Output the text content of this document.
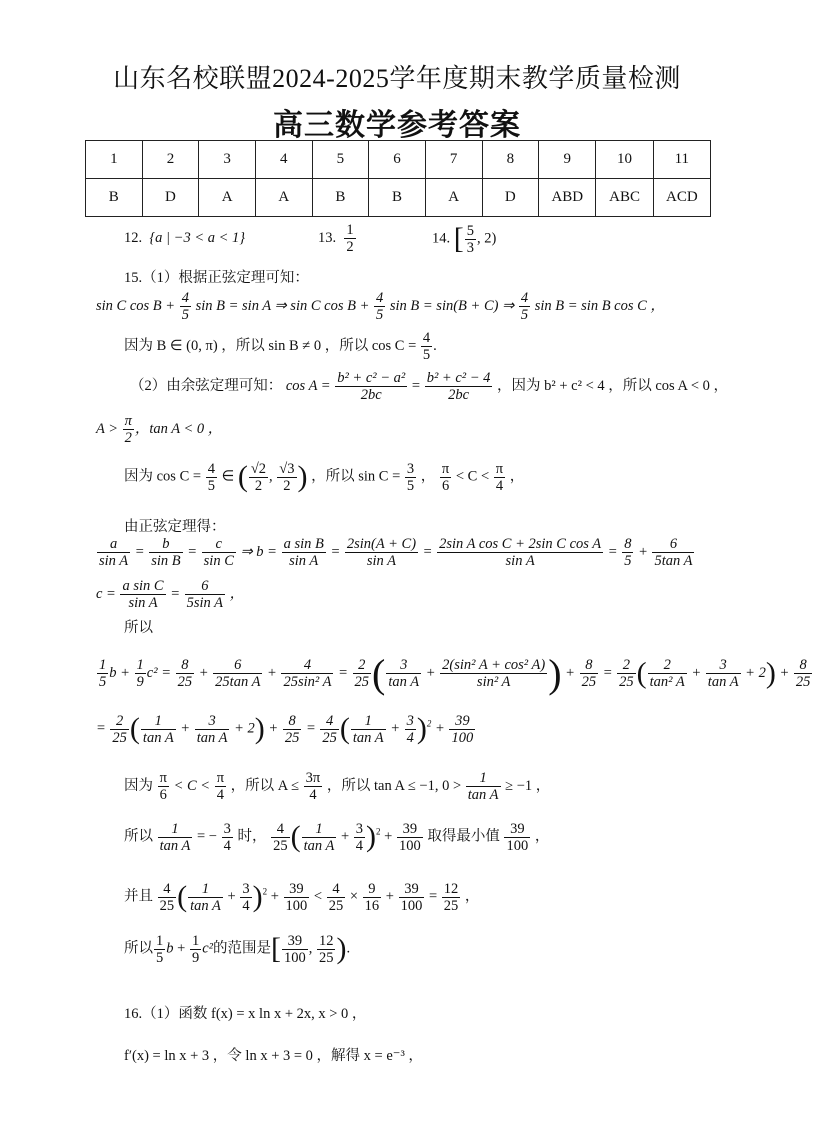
山东名校联盟2024-2025学年度期末教学质量检测
高三数学参考答案
1	2	3	4	5	6	7	8	9	10	11
B	D	A	A	B	B	A	D	ABD	ABC	ACD
12. {a | −3 < a < 1}	13. $\frac{1}{2}$	14. [ $\frac{5}{3}$ , 2)
15.（1）根据正弦定理可知：
sin C $\cos B + \frac{4}{5}$ sin B = sin A ⇒ sin C $\cos B + \frac{4}{5}$ sin B = sin(B + C) ⇒ $\frac{4}{5}$ sin B = sin B cos C ，
因为 B ∈ (0, π) ，所以 sin B ≠ 0 ，所以 $\cos C = \frac{4}{5}$ .
（2）由余弦定理可知： $\cos A = \frac{\text{b² + c² − a²}}{2bc} = \frac{\text{b² + c² − 4}}{2bc}$ ，因为 b² + c² < 4 ，所以 cos A < 0 ，
$A > \frac{\pi}{2}$ ，tan A < 0 ，
因为 $\cos C = \frac{4}{5}$ ∈ ( $\frac{√2}{2}$ , $\frac{√3}{2}$ ) ，所以 $\sin C = \frac{3}{5}$ ， $\frac{\pi}{6} < C < \frac{\pi}{4}$ ，
由正弦定理得：
$\frac{a}{\text{sin A}} = \frac{b}{\text{sin B}} = \frac{c}{\text{sin C}}$ ⇒ $b = \frac{\text{a sin B}}{\text{sin A}} = \frac{2\sin(A + C)}{\text{sin A}} = \frac{\text{2sin A cos C + 2sin C cos A}}{\text{sin A}} = \frac{8}{5} + \frac{6}{\text{5tan A}}$
$c = \frac{\text{a sin C}}{\text{sin A}} = \frac{6}{\text{5sin A}}$ ，
所以
$\frac{1}{5}$ $b + \frac{1}{9} c^2 = \frac{8}{25} + \frac{6}{\text{25tan A}} + \frac{4}{\text{25sin² A}} = \frac{2}{25}$ ( $\frac{3}{\text{tan A}} + \frac{\text{2(sin² A + cos² A)}}{\text{sin² A}}$ ) + $\frac{8}{25} = \frac{2}{25}$ ( $\frac{2}{\text{tan² A}} + \frac{3}{\text{tan A}} + 2) + \frac{8}{25}$
= $\frac{2}{25}$ ( $\frac{1}{\text{tan A}} + \frac{3}{\text{tan A}} + 2) + \frac{8}{25} = \frac{4}{25}$ ( $\frac{1}{\text{tan A}} + \frac{3}{4} )^2 + \frac{39}{100}$
因为 $\frac{\pi}{6} < C < \frac{\pi}{4}$ ，所以 $A \le \frac{3\pi}{4}$ ，所以 tan A ≤ −1, $0 > \frac{1}{\text{tan A}} \ge -1$ ，
所以 $\frac{1}{\text{tan A}}$ = − $\frac{3}{4}$ 时， $\frac{4}{25}$ ( $\frac{1}{\text{tan A}} + \frac{3}{4} )^2 + \frac{39}{100}$ 取得最小值 $\frac{39}{100}$ ，
并且 $\frac{4}{25}$ ( $\frac{1}{\text{tan A}} + \frac{3}{4} )^2 + \frac{39}{100} < \frac{4}{25} \times \frac{9}{16} + \frac{39}{100} = \frac{12}{25}$ ，
所以 $\frac{1}{5}$ $b + \frac{1}{9} c^2$的范围是[ $\frac{39}{100}$ , $\frac{12}{25}$ ).
16.（1）函数 f(x) = x ln x + 2x, x > 0 ，
f′(x) = ln x + 3 ，令 ln x + 3 = 0 ，解得 x = e⁻³ ，
